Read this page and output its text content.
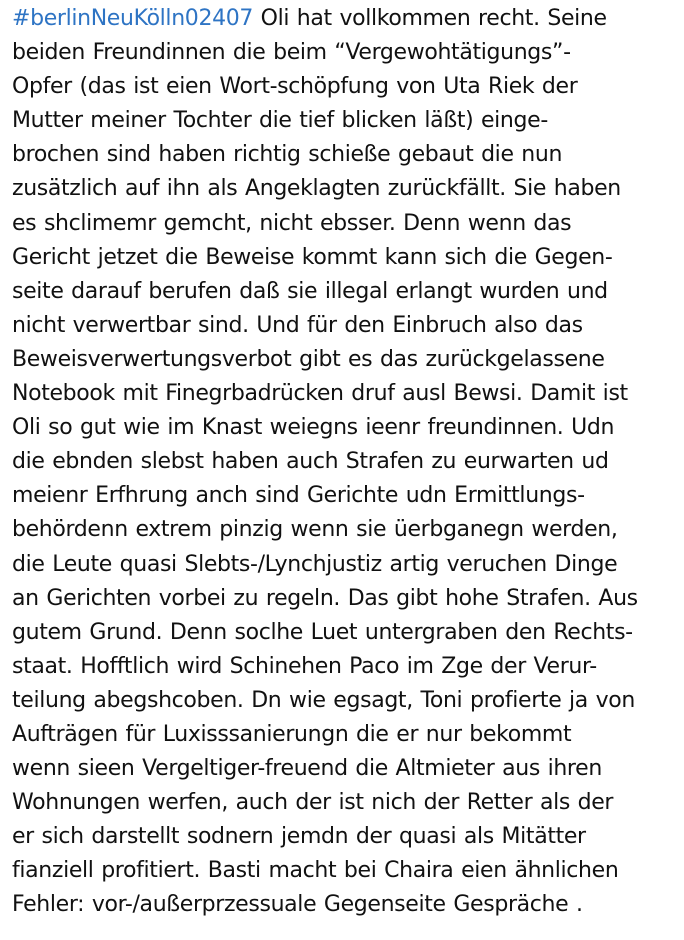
#berlinNeuKölln02407 Oli hat vollkommen recht. Seine
beiden Freundinnen die beim “Vergewohtätigungs”-
Opfer (das ist eien Wort-schöpfung von Uta Riek der
Mutter meiner Tochter die tief blicken läßt) einge-
brochen sind haben richtig schieße gebaut die nun
zusätzlich auf ihn als Angeklagten zurückfällt. Sie haben
es shclimemr gemcht, nicht ebsser. Denn wenn das
Gericht jetzet die Beweise kommt kann sich die Gegen-
seite darauf berufen daß sie illegal erlangt wurden und
nicht verwertbar sind. Und für den Einbruch also das
Beweisverwertungsverbot gibt es das zurückgelassene
Notebook mit Finegrbadrücken druf ausl Bewsi. Damit ist
Oli so gut wie im Knast weiegns ieenr freundinnen. Udn
die ebnden slebst haben auch Strafen zu eurwarten ud
meienr Erfhrung anch sind Gerichte udn Ermittlungs-
behördenn extrem pinzig wenn sie üerbganegn werden,
die Leute quasi Slebts-/Lynchjustiz artig veruchen Dinge
an Gerichten vorbei zu regeln. Das gibt hohe Strafen. Aus
gutem Grund. Denn soclhe Luet untergraben den Rechts-
staat. Hofftlich wird Schinehen Paco im Zge der Verur-
teilung abegshcoben. Dn wie egsagt, Toni profierte ja von
Aufträgen für Luxisssanierungn die er nur bekommt
wenn sieen Vergeltiger-freuend die Altmieter aus ihren
Wohnungen werfen, auch der ist nich der Retter als der
er sich darstellt sodnern jemdn der quasi als Mitätter
fianziell profitiert. Basti macht bei Chaira eien ähnlichen
Fehler: vor-/außerprzessuale Gegenseite Gespräche .
